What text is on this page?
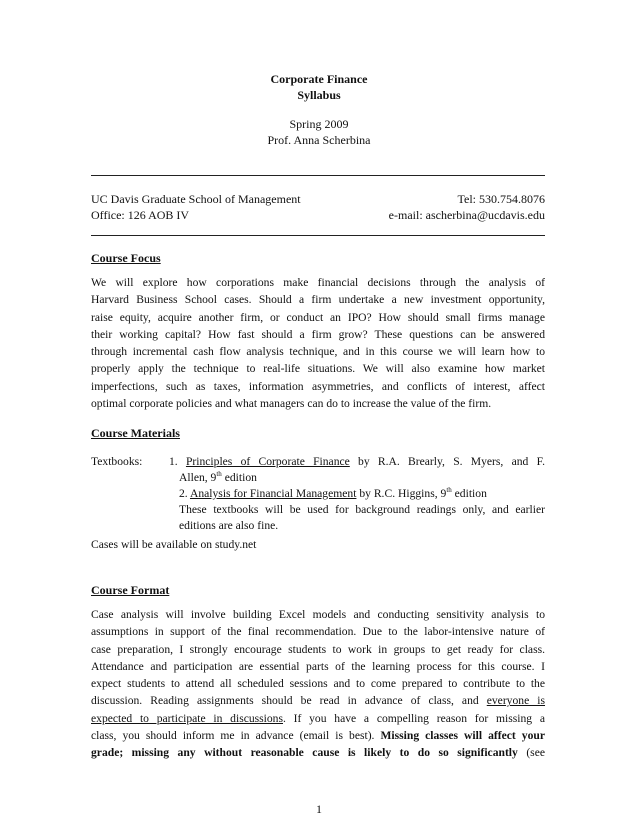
Corporate Finance
Syllabus
Spring 2009
Prof. Anna Scherbina
UC Davis Graduate School of Management	Tel: 530.754.8076
Office: 126 AOB IV	e-mail: ascherbina@ucdavis.edu
Course Focus
We will explore how corporations make financial decisions through the analysis of
Harvard Business School cases. Should a firm undertake a new investment opportunity,
raise equity, acquire another firm, or conduct an IPO? How should small firms manage
their working capital? How fast should a firm grow? These questions can be answered
through incremental cash flow analysis technique, and in this course we will learn how to
properly apply the technique to real-life situations. We will also examine how market
imperfections, such as taxes, information asymmetries, and conflicts of interest, affect
optimal corporate policies and what managers can do to increase the value of the firm.
Course Materials
Textbooks: 1. Principles of Corporate Finance by R.A. Brearly, S. Myers, and F.
Allen, 9th edition
2. Analysis for Financial Management by R.C. Higgins, 9th edition
These textbooks will be used for background readings only, and earlier
editions are also fine.
Cases will be available on study.net
Course Format
Case analysis will involve building Excel models and conducting sensitivity analysis to
assumptions in support of the final recommendation. Due to the labor-intensive nature of
case preparation, I strongly encourage students to work in groups to get ready for class.
Attendance and participation are essential parts of the learning process for this course. I
expect students to attend all scheduled sessions and to come prepared to contribute to the
discussion. Reading assignments should be read in advance of class, and everyone is
expected to participate in discussions. If you have a compelling reason for missing a
class, you should inform me in advance (email is best). Missing classes will affect your
grade; missing any without reasonable cause is likely to do so significantly (see
1
